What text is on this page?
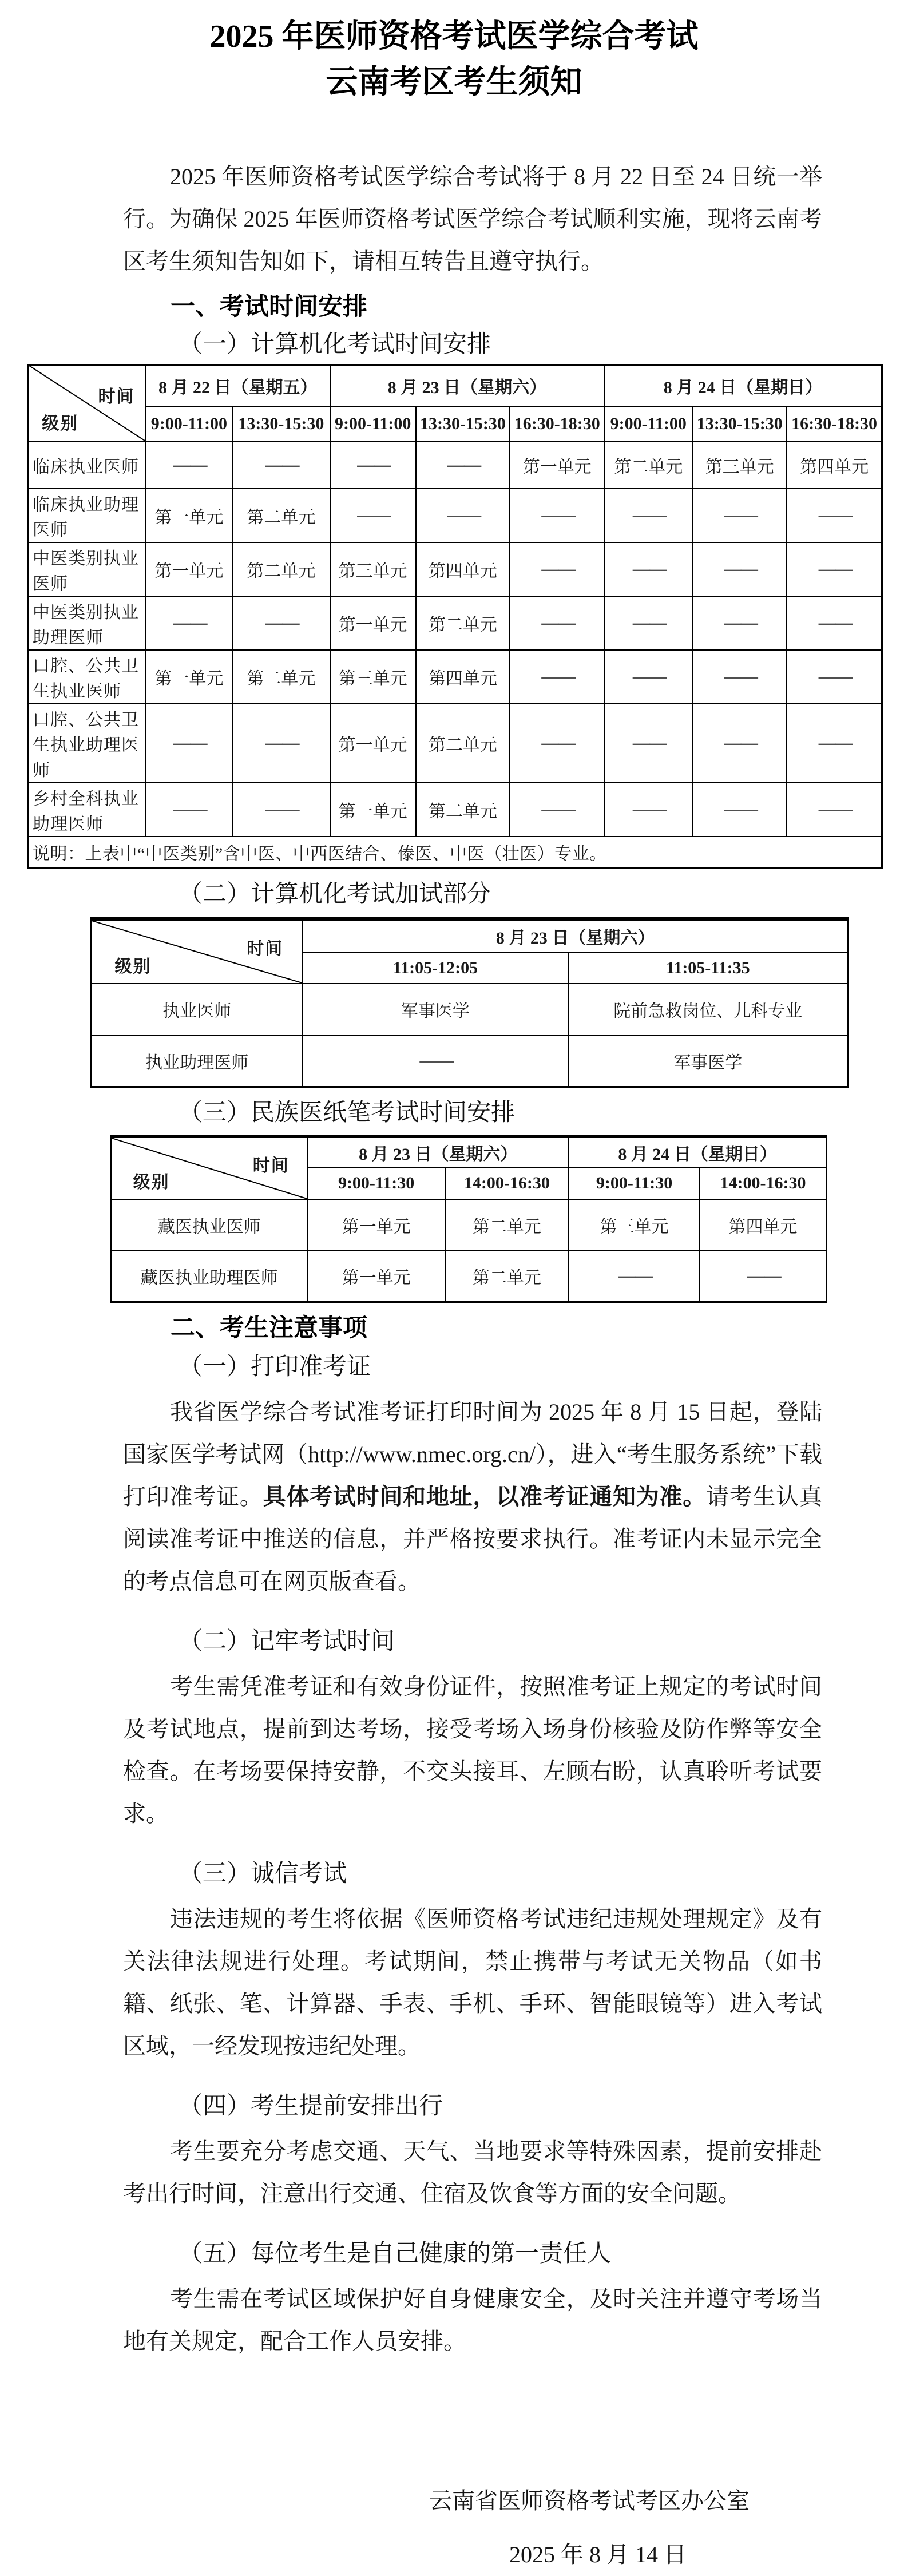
2025 年医师资格考试医学综合考试
云南考区考生须知

2025 年医师资格考试医学综合考试将于 8 月 22 日至 24 日统一举行。为确保 2025 年医师资格考试医学综合考试顺利实施，现将云南考区考生须知告知如下，请相互转告且遵守执行。

一、考试时间安排
（一）计算机化考试时间安排
时间
级别	8 月 22 日（星期五）		8 月 23 日（星期六）			8 月 24 日（星期日）		
	9:00-11:00	13:30-15:30	9:00-11:00	13:30-15:30	16:30-18:30	9:00-11:00	13:30-15:30	16:30-18:30
临床执业医师	——	——	——	——	第一单元	第二单元	第三单元	第四单元
临床执业助理医师	第一单元	第二单元	——	——	——	——	——	——
中医类别执业医师	第一单元	第二单元	第三单元	第四单元	——	——	——	——
中医类别执业助理医师	——	——	第一单元	第二单元	——	——	——	——
口腔、公共卫生执业医师	第一单元	第二单元	第三单元	第四单元	——	——	——	——
口腔、公共卫生执业助理医师	——	——	第一单元	第二单元	——	——	——	——
乡村全科执业助理医师	——	——	第一单元	第二单元	——	——	——	——
说明：上表中“中医类别”含中医、中西医结合、傣医、中医（壮医）专业。								
（二）计算机化考试加试部分
时间
级别	8 月 23 日（星期六）	
	11:05-12:05	11:05-11:35
执业医师	军事医学	院前急救岗位、儿科专业
执业助理医师	——	军事医学
（三）民族医纸笔考试时间安排
时间
级别	8 月 23 日（星期六）		8 月 24 日（星期日）	
	9:00-11:30	14:00-16:30	9:00-11:30	14:00-16:30
藏医执业医师	第一单元	第二单元	第三单元	第四单元
藏医执业助理医师	第一单元	第二单元	——	——
二、考生注意事项
（一）打印准考证

我省医学综合考试准考证打印时间为 2025 年 8 月 15 日起，登陆国家医学考试网（http://www.nmec.org.cn/），进入“考生服务系统”下载打印准考证。具体考试时间和地址，以准考证通知为准。请考生认真阅读准考证中推送的信息，并严格按要求执行。准考证内未显示完全的考点信息可在网页版查看。

（二）记牢考试时间

考生需凭准考证和有效身份证件，按照准考证上规定的考试时间及考试地点，提前到达考场，接受考场入场身份核验及防作弊等安全检查。在考场要保持安静，不交头接耳、左顾右盼，认真聆听考试要求。

（三）诚信考试

违法违规的考生将依据《医师资格考试违纪违规处理规定》及有关法律法规进行处理。考试期间，禁止携带与考试无关物品（如书籍、纸张、笔、计算器、手表、手机、手环、智能眼镜等）进入考试区域，一经发现按违纪处理。

（四）考生提前安排出行

考生要充分考虑交通、天气、当地要求等特殊因素，提前安排赴考出行时间，注意出行交通、住宿及饮食等方面的安全问题。

（五）每位考生是自己健康的第一责任人

考生需在考试区域保护好自身健康安全，及时关注并遵守考场当地有关规定，配合工作人员安排。

云南省医师资格考试考区办公室
2025 年 8 月 14 日
